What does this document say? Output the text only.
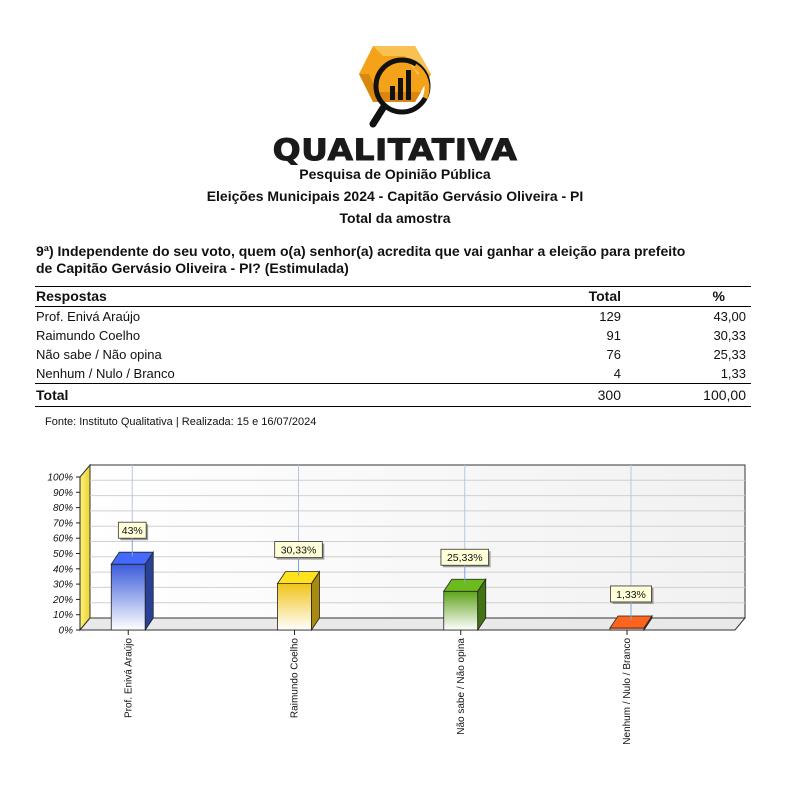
QUALITATIVA
Pesquisa de Opinião Pública
Eleições Municipais 2024 - Capitão Gervásio Oliveira - PI
Total da amostra
9ª) Independente do seu voto, quem o(a) senhor(a) acredita que vai ganhar a eleição para prefeito
de Capitão Gervásio Oliveira - PI? (Estimulada)
Respostas	Total	%
Prof. Enivá Araújo	129	43,00
Raimundo Coelho	91	30,33
Não sabe / Não opina	76	25,33
Nenhum / Nulo / Branco	4	1,33
Total	300	100,00
Fonte: Instituto Qualitativa | Realizada: 15 e 16/07/2024
0%
10%
20%
30%
40%
50%
60%
70%
80%
90%
100%
43%
30,33%
25,33%
1,33%
Prof. Enivá Araújo	Raimundo Coelho	Não sabe / Não opina	Nenhum / Nulo / Branco
